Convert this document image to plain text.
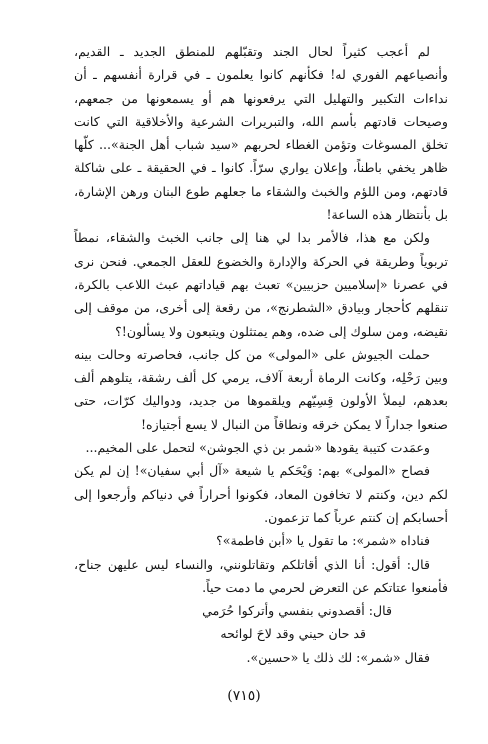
لم أعجب كثيراً لحال الجند وتقبّلهم للمنطق الجديد ـ القديم، وأنصياعهم الفوري له! فكأنهم كانوا يعلمون ـ في قرارة أنفسهم ـ أن نداءات التكبير والتهليل التي يرفعونها هم أو يسمعونها من جمعهم، وصيحات قادتهم بأسم الله، والتبريرات الشرعية والأخلاقية التي كانت تخلق المسوغات وتؤمن الغطاء لحربهم «سيد شباب أهل الجنة»... كلّها ظاهر يخفي باطناً، وإعلان يواري سرّاً. كانوا ـ في الحقيقة ـ على شاكلة قادتهم، ومن اللؤم والخبث والشقاء ما جعلهم طوع البنان ورهن الإشارة، بل بأنتظار هذه الساعة!

ولكن مع هذا، فالأمر بدا لي هنا إلى جانب الخبث والشقاء، نمطاً تربوياً وطريقة في الحركة والإدارة والخضوع للعقل الجمعي. فنحن نرى في عصرنا «إسلاميين حزبيين» تعبث بهم قياداتهم عبث اللاعب بالكرة، تنقلهم كأحجار وبيادق «الشطرنج»، من رقعة إلى أخرى، من موقف إلى نقيضه، ومن سلوك إلى ضده، وهم يمتثلون ويتبعون ولا يسألون!؟

حملت الجيوش على «المولى» من كل جانب، فحاصرته وحالت بينه وبين رَحْلِه، وكانت الرماة أربعة آلاف، يرمي كل ألف رشقة، يتلوهم ألف بعدهم، ليملأ الأولون قِسِيّهم ويلقموها من جديد، ودواليك كرّات، حتى صنعوا جداراً لا يمكن خرقه ونطاقاً من النبال لا يسع أجتيازه!

وعمَدت كتيبة يقودها «شمر بن ذي الجوشن» لتحمل على المخيم...

فصاح «المولى» بهم: وَيْحَكم يا شيعة «آل أبي سفيان»! إن لم يكن لكم دين، وكنتم لا تخافون المعاد، فكونوا أحراراً في دنياكم وأرجعوا إلى أحسابكم إن كنتم عرباً كما تزعمون.

فناداه «شمر»: ما تقول يا «أبن فاطمة»؟

قال: أقول: أنا الذي أقاتلكم وتقاتلونني، والنساء ليس عليهن جناح، فأمنعوا عتاتكم عن التعرض لحرمي ما دمت حياً.

قال: أقصدوني بنفسي وأتركوا حُرَمي

قد حان حيني وقد لاحَ لوائحه

فقال «شمر»: لك ذلك يا «حسين».

(٧١٥)
